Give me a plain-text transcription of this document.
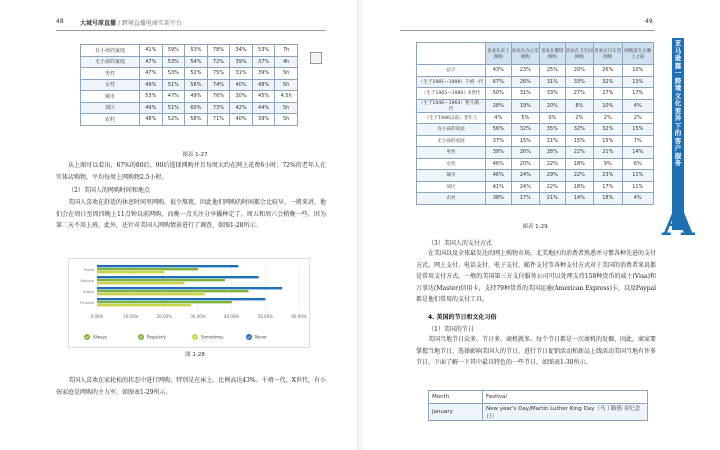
48	大城号原直播 / 跨境直播电商实训平台
有小孩的家庭	41%	59%	53%	78%	34%	53%	7h
无小孩的家庭	47%	53%	54%	72%	39%	37%	4h
男性	47%	53%	52%	75%	31%	39%	5h
女性	49%	51%	56%	74%	40%	48%	5h
城市	53%	47%	49%	76%	30%	45%	4.5h
郊区	49%	51%	60%	73%	42%	44%	5h
农村	48%	52%	58%	71%	40%	39%	5h
图表 1-27

从上图可以看出，67%的80后、90后选择网购并且每周大约在网上花费6小时；72%的老年人在实体店购物，平均每周上网购物2.5小时。

（2）美国人的网购时间和地点

美国人喜欢在舒适的休息时间里网购，很少熬夜，因此他们网购的时间都会比较早，一般来讲，他们会在周日至周四晚上11点钟以前网购，而晚一点关注分享播种定了。周五和周六会稍晚一些，因为第二天不用上班。此外，还针对美国人网购情景进行了调查，如图1-28所示。

0.00%	10.00%	20.00%	30.00%	40.00%	50.00%	60.00%
Rural
Suburb
Urban
Female
Always	Regularly	Sometimes	Never
图 1-28

美国人喜欢在家轮松的状态中进行网购，特别是在床上。比例高达43%。千禧一代、X世代、有小孩家庭是网购的主力军，如图表1-29所示。

49
	喜欢在床上网购	喜欢在办公室网购	喜欢在餐馆网购	喜欢在卫生间网购	喜欢在汽车里网购	网购发生在晚上之前
总计	43%	23%	25%	20%	26%	10%
（生于1981—1999）千禧一代	67%	26%	31%	33%	32%	13%
（生于1965—1980）X世代	50%	31%	33%	27%	27%	17%
（生于1946—1964）婴儿潮一代	28%	19%	20%	8%	10%	4%
（生于1946以前）老年人	4%	5%	0%	2%	2%	2%
有小孩的家庭	56%	32%	35%	32%	32%	15%
无小孩的家庭	37%	15%	21%	15%	15%	7%
男性	39%	26%	28%	22%	21%	14%
女性	46%	20%	22%	18%	9%	6%
城市	46%	24%	29%	22%	23%	11%
郊区	41%	24%	22%	18%	17%	11%
农村	38%	17%	21%	14%	18%	4%
图表 1-29

（3）美国人的支付方式

在美国以及全球最发达的网上购物市场，北美地区的消费者熟悉并习惯各种先进的支付方式。网上支付、电话支付、电子支付、邮件支付等各种支付方式对于美国的消费者来说都是常用支付方式。一般的美国第三方支付服务公司可以处理支持158种货币的威士(Visa)和万事达(Master)信用卡，支持79种货币的美国运通(American Express)卡，以及Paypal都是他们常用的支付工具。

4. 美国的节日和文化习俗

（1）美国的节日

美国当地节日众多，节日多，商机就多。每个节日都是一次商机的发掘，因此，商家要掌握当地节日，选择影响美国人的节日，进行节日促销活动和新品上线活动美国当地有许多节日，下面了解一下其中最具特色的一些节日，如图表1-30所示。

Month	Festival
January	New year's Day/Martin Luther King Day（马丁路德·金纪念日）
亚马逊篇 一 跨境文化差异下的客户服务
A
